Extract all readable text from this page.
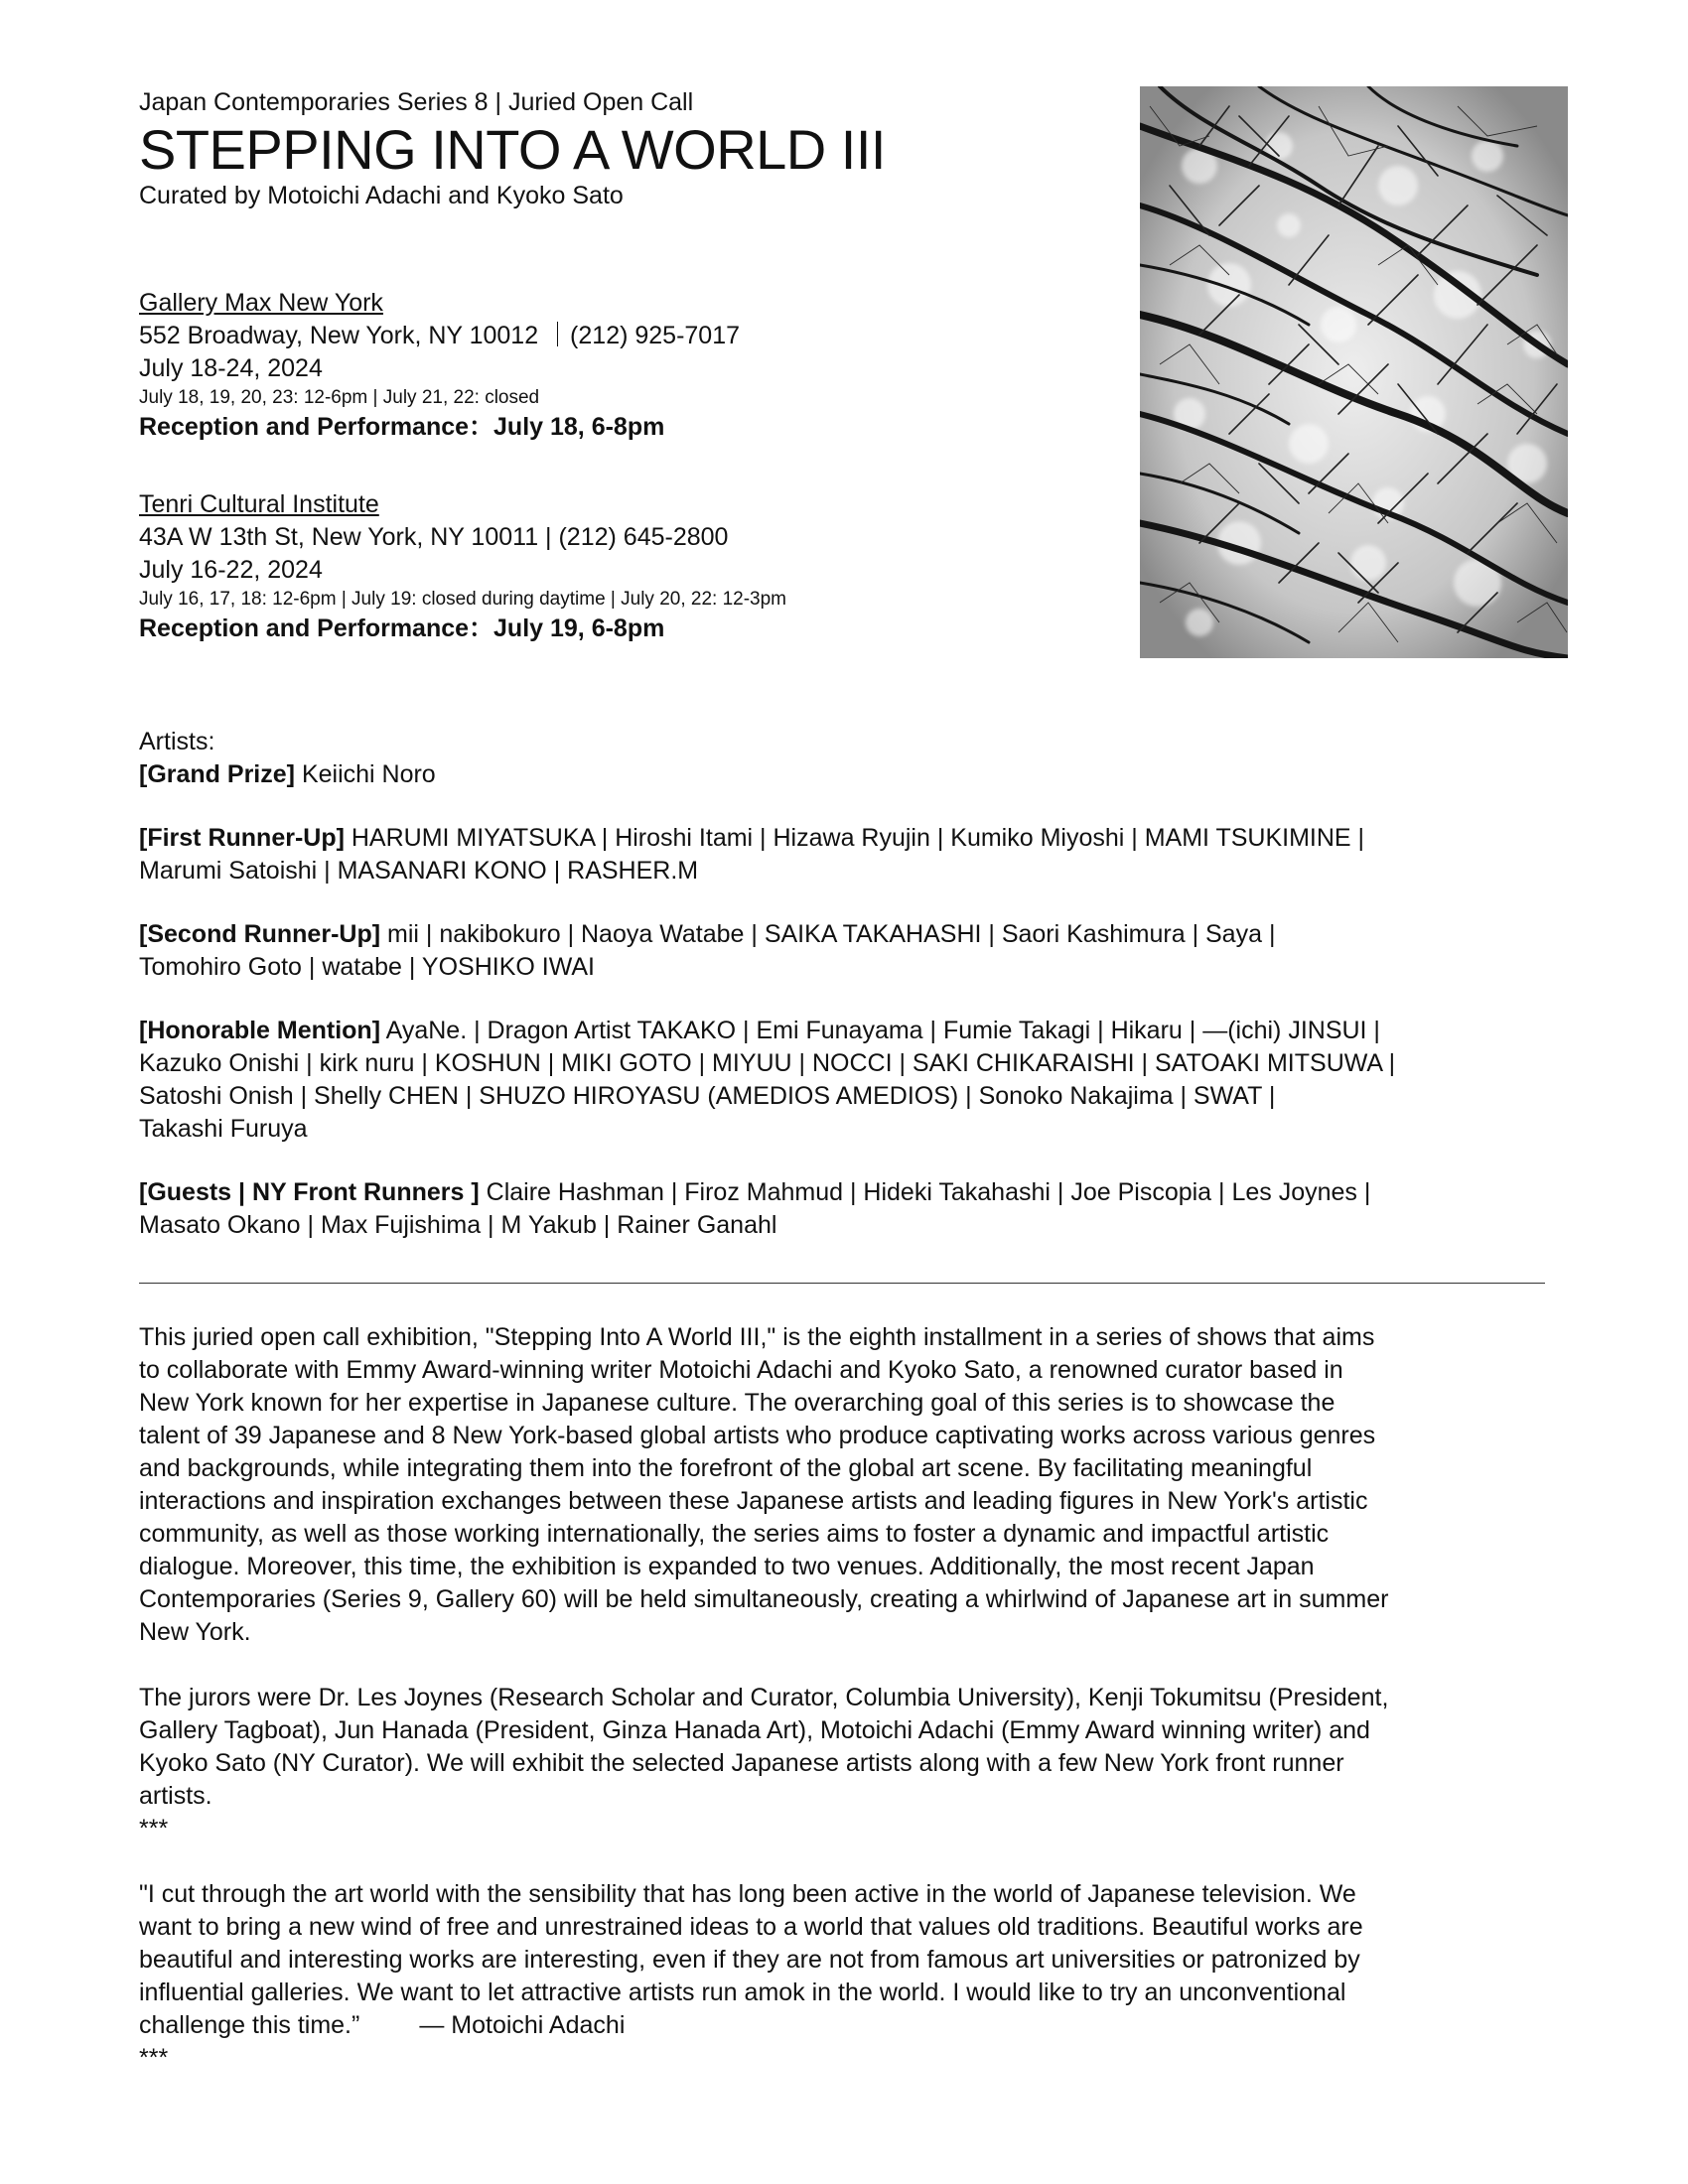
Japan Contemporaries Series 8 | Juried Open Call
STEPPING INTO A WORLD III
Curated by Motoichi Adachi and Kyoko Sato
Gallery Max New York
552 Broadway, New York, NY 10012 ｜(212) 925-7017
July 18-24, 2024
July 18, 19, 20, 23: 12-6pm | July 21, 22: closed
Reception and Performance：July 18, 6-8pm
Tenri Cultural Institute
43A W 13th St, New York, NY 10011 | (212) 645-2800
July 16-22, 2024
July 16, 17, 18: 12-6pm | July 19: closed during daytime | July 20, 22: 12-3pm
Reception and Performance：July 19, 6-8pm
Artists:
[Grand Prize] Keiichi Noro
[First Runner-Up] HARUMI MIYATSUKA | Hiroshi Itami | Hizawa Ryujin | Kumiko Miyoshi | MAMI TSUKIMINE |
Marumi Satoishi | MASANARI KONO | RASHER.M
[Second Runner-Up] mii | nakibokuro | Naoya Watabe | SAIKA TAKAHASHI | Saori Kashimura | Saya |
Tomohiro Goto | watabe | YOSHIKO IWAI
[Honorable Mention] AyaNe. | Dragon Artist TAKAKO | Emi Funayama | Fumie Takagi | Hikaru | —(ichi) JINSUI |
Kazuko Onishi | kirk nuru | KOSHUN | MIKI GOTO | MIYUU | NOCCI | SAKI CHIKARAISHI | SATOAKI MITSUWA |
Satoshi Onish | Shelly CHEN | SHUZO HIROYASU (AMEDIOS AMEDIOS) | Sonoko Nakajima | SWAT |
Takashi Furuya
[Guests | NY Front Runners ] Claire Hashman | Firoz Mahmud | Hideki Takahashi | Joe Piscopia | Les Joynes |
Masato Okano | Max Fujishima | M Yakub | Rainer Ganahl

This juried open call exhibition, "Stepping Into A World III," is the eighth installment in a series of shows that aims

to collaborate with Emmy Award-winning writer Motoichi Adachi and Kyoko Sato, a renowned curator based in

New York known for her expertise in Japanese culture. The overarching goal of this series is to showcase the

talent of 39 Japanese and 8 New York-based global artists who produce captivating works across various genres

and backgrounds, while integrating them into the forefront of the global art scene. By facilitating meaningful

interactions and inspiration exchanges between these Japanese artists and leading figures in New York's artistic

community, as well as those working internationally, the series aims to foster a dynamic and impactful artistic

dialogue. Moreover, this time, the exhibition is expanded to two venues. Additionally, the most recent Japan

Contemporaries (Series 9, Gallery 60) will be held simultaneously, creating a whirlwind of Japanese art in summer

New York.

The jurors were Dr. Les Joynes (Research Scholar and Curator, Columbia University), Kenji Tokumitsu (President,

Gallery Tagboat), Jun Hanada (President, Ginza Hanada Art), Motoichi Adachi (Emmy Award winning writer) and

Kyoko Sato (NY Curator). We will exhibit the selected Japanese artists along with a few New York front runner

artists.

***

"I cut through the art world with the sensibility that has long been active in the world of Japanese television. We

want to bring a new wind of free and unrestrained ideas to a world that values old traditions. Beautiful works are

beautiful and interesting works are interesting, even if they are not from famous art universities or patronized by

influential galleries. We want to let attractive artists run amok in the world. I would like to try an unconventional

challenge this time.” — Motoichi Adachi

***
